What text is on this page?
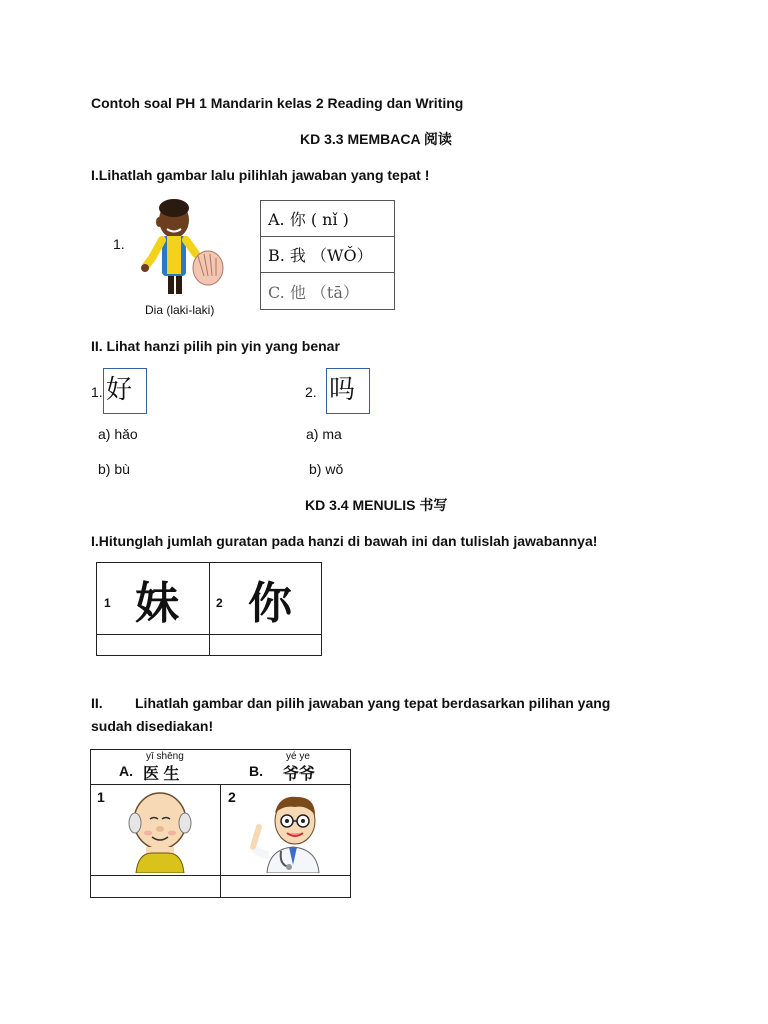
Contoh soal PH 1 Mandarin kelas 2 Reading dan Writing
KD 3.3 MEMBACA 阅读
I.Lihatlah gambar lalu pilihlah jawaban yang tepat !
1.
Dia (laki-laki)
A. 你 ( nǐ )
B. 我 （WǑ）
C. 他 （tā）
II. Lihat hanzi pilih pin yin yang benar
1. 好
a) hǎo
b) bù
2. 吗
a) ma
b) wǒ
KD 3.4 MENULIS 书写
I.Hitunglah jumlah guratan pada hanzi di bawah ini dan tulislah jawabannya!
1 妹	2 你
II. Lihatlah gambar dan pilih jawaban yang tepat berdasarkan pilihan yang
sudah disediakan!
yī shēng
A. 医 生
yé ye
B. 爷爷
1	2
